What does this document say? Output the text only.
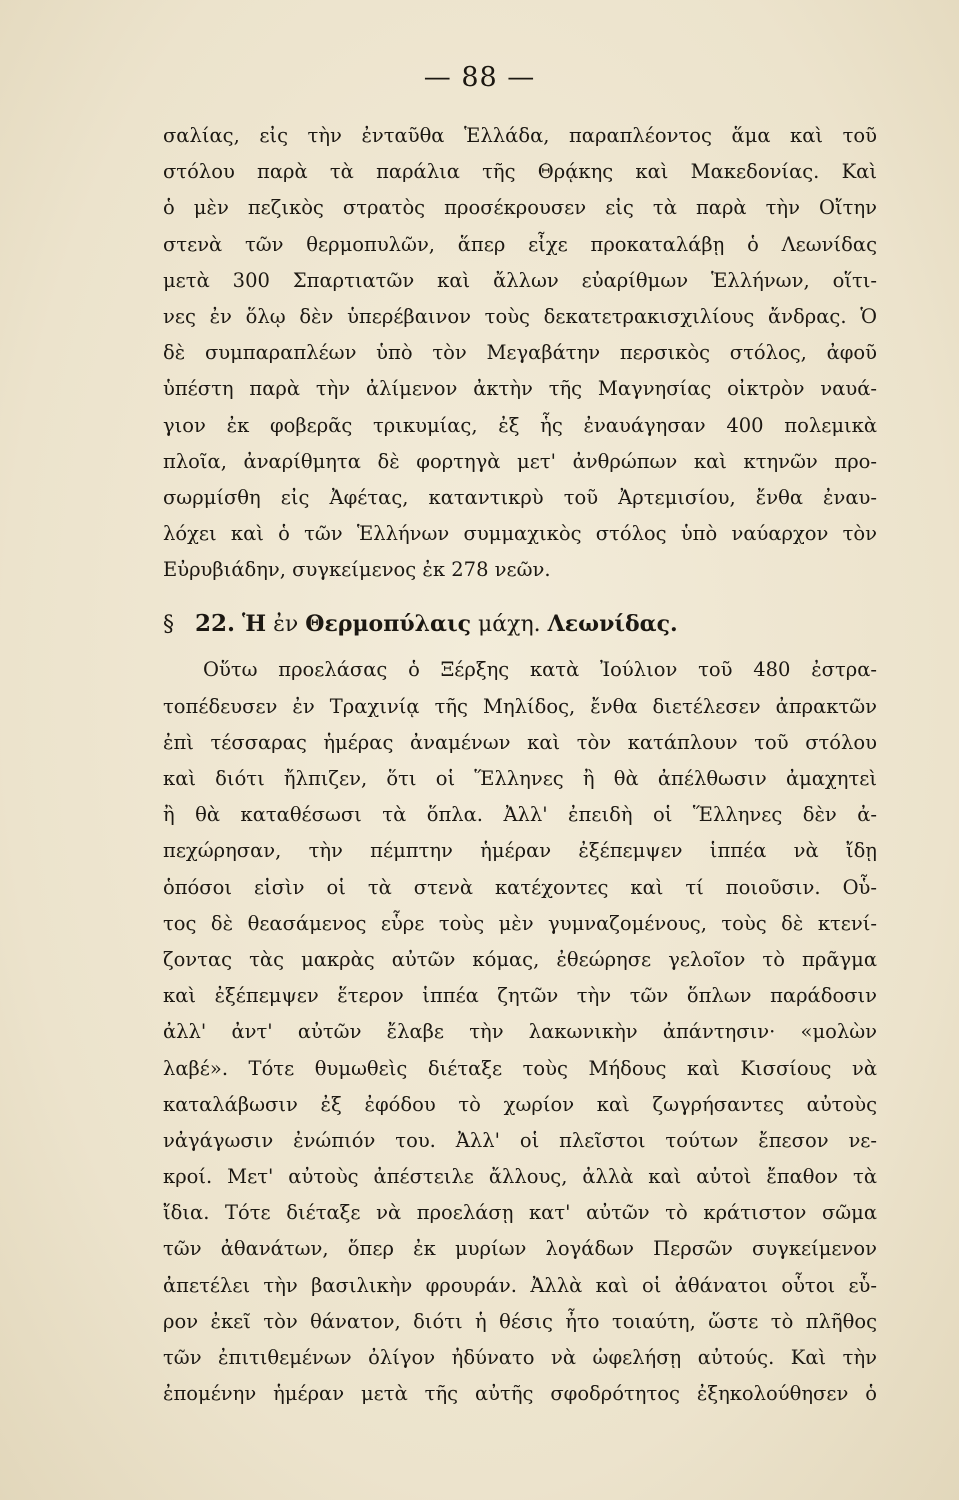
— 88 —
σαλίας, εἰς τὴν ἐνταῦθα Ἑλλάδα, παραπλέοντος ἅμα καὶ τοῦ
στόλου παρὰ τὰ παράλια τῆς Θρᾴκης καὶ Μακεδονίας. Καὶ
ὁ μὲν πεζικὸς στρατὸς προσέκρουσεν εἰς τὰ παρὰ τὴν Οἴτην
στενὰ τῶν θερμοπυλῶν, ἅπερ εἶχε προκαταλάβῃ ὁ Λεωνίδας
μετὰ 300 Σπαρτιατῶν καὶ ἄλλων εὐαρίθμων Ἑλλήνων, οἵτι-
νες ἐν ὅλῳ δὲν ὑπερέβαινον τοὺς δεκατετρακισχιλίους ἄνδρας. Ὁ
δὲ συμπαραπλέων ὑπὸ τὸν Μεγαβάτην περσικὸς στόλος, ἀφοῦ
ὑπέστη παρὰ τὴν ἀλίμενον ἀκτὴν τῆς Μαγνησίας οἰκτρὸν ναυά-
γιον ἐκ φοβερᾶς τρικυμίας, ἐξ ἧς ἐναυάγησαν 400 πολεμικὰ
πλοῖα, ἀναρίθμητα δὲ φορτηγὰ μετ' ἀνθρώπων καὶ κτηνῶν προ-
σωρμίσθη εἰς Ἀφέτας, καταντικρὺ τοῦ Ἀρτεμισίου, ἔνθα ἐναυ-
λόχει καὶ ὁ τῶν Ἑλλήνων συμμαχικὸς στόλος ὑπὸ ναύαρχον τὸν
Εὐρυβιάδην, συγκείμενος ἐκ 278 νεῶν.
§ 22. Ἡ ἐν Θερμοπύλαις μάχη. Λεωνίδας.
Οὕτω προελάσας ὁ Ξέρξης κατὰ Ἰούλιον τοῦ 480 ἐστρα-
τοπέδευσεν ἐν Τραχινίᾳ τῆς Μηλίδος, ἔνθα διετέλεσεν ἀπρακτῶν
ἐπὶ τέσσαρας ἡμέρας ἀναμένων καὶ τὸν κατάπλουν τοῦ στόλου
καὶ διότι ἤλπιζεν, ὅτι οἱ Ἕλληνες ἢ θὰ ἀπέλθωσιν ἀμαχητεὶ
ἢ θὰ καταθέσωσι τὰ ὅπλα. Ἀλλ' ἐπειδὴ οἱ Ἕλληνες δὲν ἀ-
πεχώρησαν, τὴν πέμπτην ἡμέραν ἐξέπεμψεν ἱππέα νὰ ἴδῃ
ὁπόσοι εἰσὶν οἱ τὰ στενὰ κατέχοντες καὶ τί ποιοῦσιν. Οὗ-
τος δὲ θεασάμενος εὗρε τοὺς μὲν γυμναζομένους, τοὺς δὲ κτενί-
ζοντας τὰς μακρὰς αὐτῶν κόμας, ἐθεώρησε γελοῖον τὸ πρᾶγμα
καὶ ἐξέπεμψεν ἕτερον ἱππέα ζητῶν τὴν τῶν ὅπλων παράδοσιν
ἀλλ' ἀντ' αὐτῶν ἔλαβε τὴν λακωνικὴν ἀπάντησιν· «μολὼν
λαβέ». Τότε θυμωθεὶς διέταξε τοὺς Μήδους καὶ Κισσίους νὰ
καταλάβωσιν ἐξ ἐφόδου τὸ χωρίον καὶ ζωγρήσαντες αὐτοὺς
νἀγάγωσιν ἐνώπιόν του. Ἀλλ' οἱ πλεῖστοι τούτων ἔπεσον νε-
κροί. Μετ' αὐτοὺς ἀπέστειλε ἄλλους, ἀλλὰ καὶ αὐτοὶ ἔπαθον τὰ
ἴδια. Τότε διέταξε νὰ προελάσῃ κατ' αὐτῶν τὸ κράτιστον σῶμα
τῶν ἀθανάτων, ὅπερ ἐκ μυρίων λογάδων Περσῶν συγκείμενον
ἀπετέλει τὴν βασιλικὴν φρουράν. Ἀλλὰ καὶ οἱ ἀθάνατοι οὗτοι εὗ-
ρον ἐκεῖ τὸν θάνατον, διότι ἡ θέσις ἦτο τοιαύτη, ὥστε τὸ πλῆθος
τῶν ἐπιτιθεμένων ὀλίγον ἠδύνατο νὰ ὠφελήσῃ αὐτούς. Καὶ τὴν
ἐπομένην ἡμέραν μετὰ τῆς αὐτῆς σφοδρότητος ἐξηκολούθησεν ὁ
